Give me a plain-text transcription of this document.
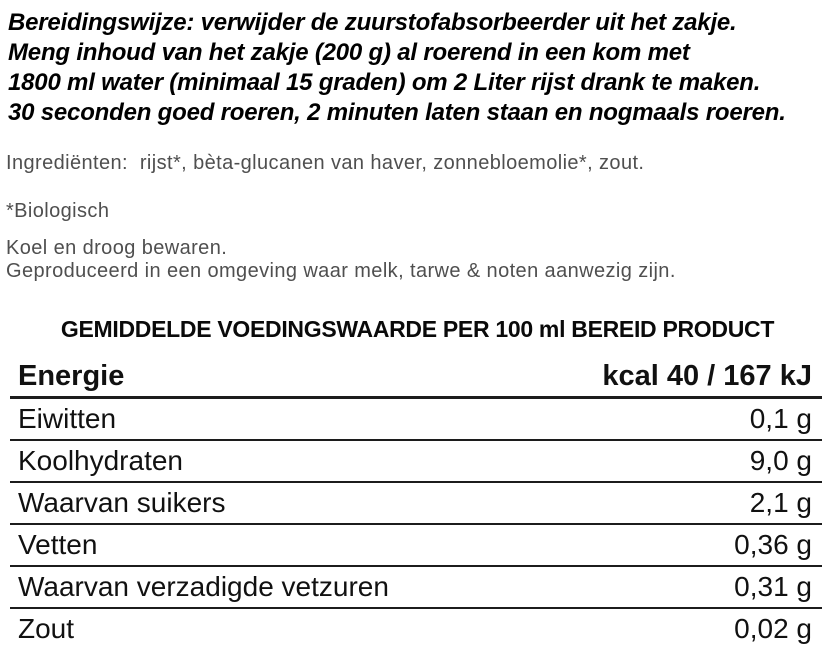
Bereidingswijze: verwijder de zuurstofabsorbeerder uit het zakje.
Meng inhoud van het zakje (200 g) al roerend in een kom met
1800 ml water (minimaal 15 graden) om 2 Liter rijst drank te maken.
30 seconden goed roeren, 2 minuten laten staan en nogmaals roeren.
Ingrediënten:  rijst*, bèta-glucanen van haver, zonnebloemolie*, zout.
*Biologisch
Koel en droog bewaren.
Geproduceerd in een omgeving waar melk, tarwe & noten aanwezig zijn.
GEMIDDELDE VOEDINGSWAARDE PER 100 ml BEREID PRODUCT
Energie	kcal 40 / 167 kJ
Eiwitten	0,1 g
Koolhydraten	9,0 g
Waarvan suikers	2,1 g
Vetten	0,36 g
Waarvan verzadigde vetzuren	0,31 g
Zout	0,02 g
